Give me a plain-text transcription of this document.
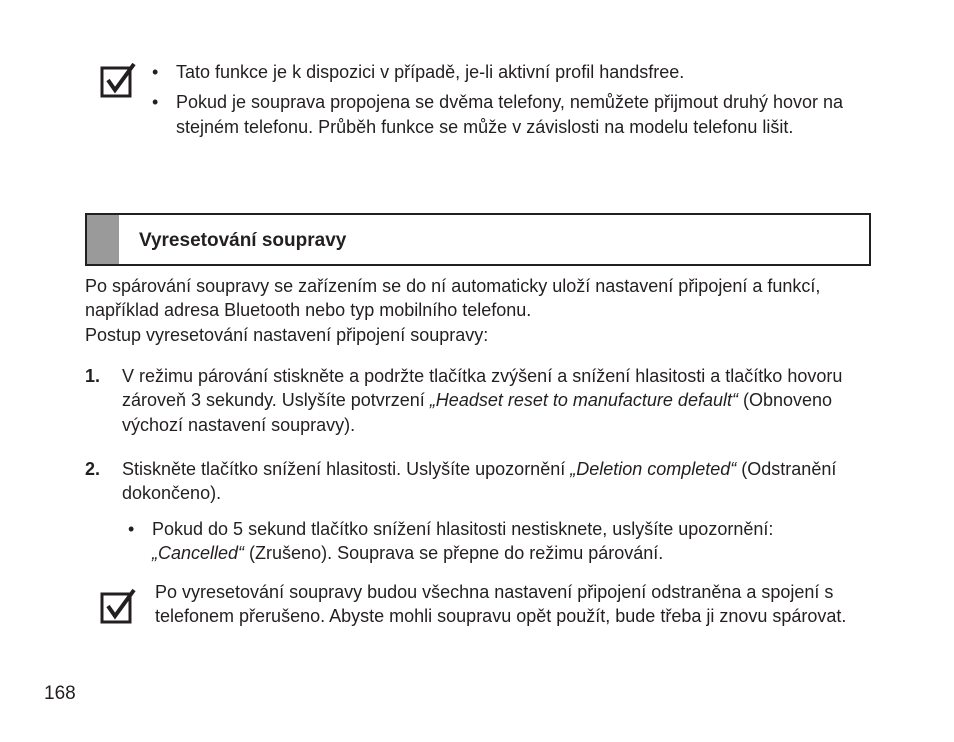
• Tato funkce je k dispozici v případě, je-li aktivní profil handsfree.

• Pokud je souprava propojena se dvěma telefony, nemůžete přijmout druhý hovor na stejném telefonu. Průběh funkce se může v závislosti na modelu telefonu lišit.

Vyresetování soupravy

Po spárování soupravy se zařízením se do ní automaticky uloží nastavení připojení a funkcí, například adresa Bluetooth nebo typ mobilního telefonu.

Postup vyresetování nastavení připojení soupravy:

1. V režimu párování stiskněte a podržte tlačítka zvýšení a snížení hlasitosti a tlačítko hovoru zároveň 3 sekundy. Uslyšíte potvrzení „Headset reset to manufacture default“ (Obnoveno výchozí nastavení soupravy).
2. Stiskněte tlačítko snížení hlasitosti. Uslyšíte upozornění „Deletion completed“ (Odstranění dokončeno).

• Pokud do 5 sekund tlačítko snížení hlasitosti nestisknete, uslyšíte upozornění: „Cancelled“ (Zrušeno). Souprava se přepne do režimu párování.

Po vyresetování soupravy budou všechna nastavení připojení odstraněna a spojení s telefonem přerušeno. Abyste mohli soupravu opět použít, bude třeba ji znovu spárovat.
168
